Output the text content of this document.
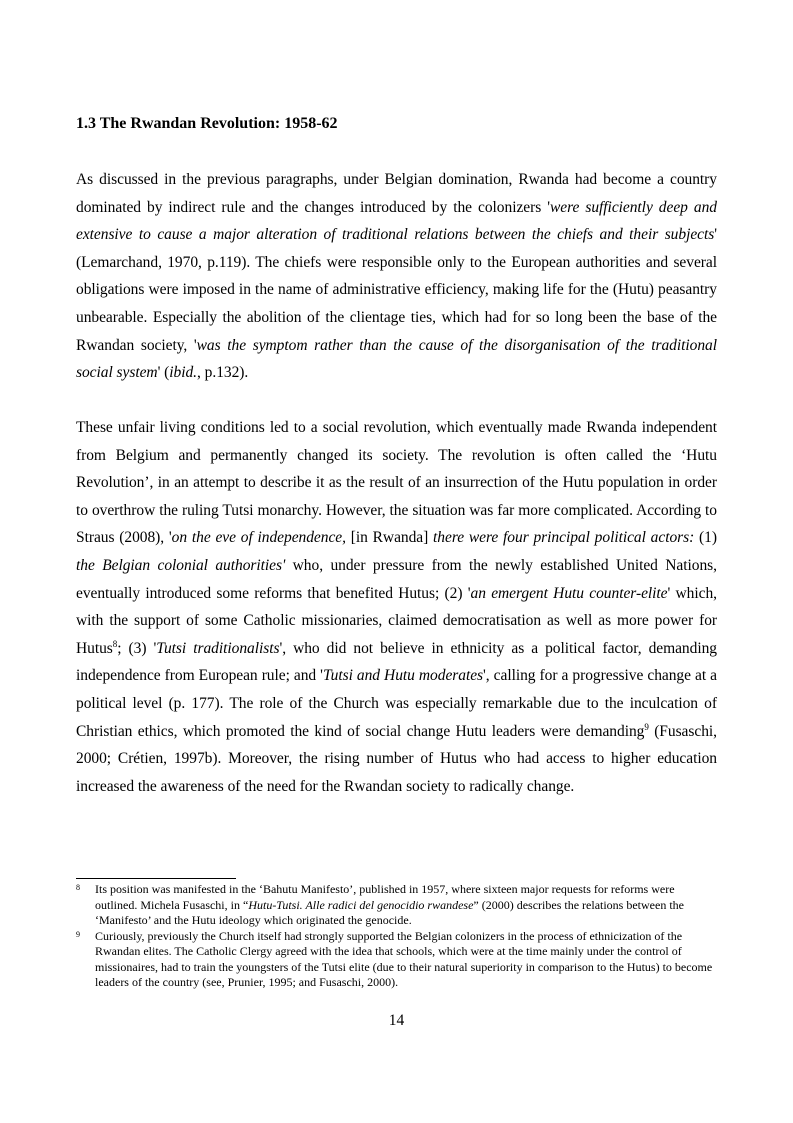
1.3 The Rwandan Revolution: 1958-62

As discussed in the previous paragraphs, under Belgian domination, Rwanda had become a country dominated by indirect rule and the changes introduced by the colonizers 'were sufficiently deep and extensive to cause a major alteration of traditional relations between the chiefs and their subjects' (Lemarchand, 1970, p.119). The chiefs were responsible only to the European authorities and several obligations were imposed in the name of administrative efficiency, making life for the (Hutu) peasantry unbearable. Especially the abolition of the clientage ties, which had for so long been the base of the Rwandan society, 'was the symptom rather than the cause of the disorganisation of the traditional social system' (ibid., p.132).

These unfair living conditions led to a social revolution, which eventually made Rwanda independent from Belgium and permanently changed its society. The revolution is often called the ‘Hutu Revolution’, in an attempt to describe it as the result of an insurrection of the Hutu population in order to overthrow the ruling Tutsi monarchy. However, the situation was far more complicated. According to Straus (2008), 'on the eve of independence, [in Rwanda] there were four principal political actors: (1) the Belgian colonial authorities' who, under pressure from the newly established United Nations, eventually introduced some reforms that benefited Hutus; (2) 'an emergent Hutu counter-elite' which, with the support of some Catholic missionaries, claimed democratisation as well as more power for Hutus$^8$; (3) 'Tutsi traditionalists', who did not believe in ethnicity as a political factor, demanding independence from European rule; and 'Tutsi and Hutu moderates', calling for a progressive change at a political level (p. 177). The role of the Church was especially remarkable due to the inculcation of Christian ethics, which promoted the kind of social change Hutu leaders were demanding$^9$ (Fusaschi, 2000; Crétien, 1997b). Moreover, the rising number of Hutus who had access to higher education increased the awareness of the need for the Rwandan society to radically change.

8	Its position was manifested in the ‘Bahutu Manifesto’, published in 1957, where sixteen major requests for reforms were outlined. Michela Fusaschi, in “Hutu-Tutsi. Alle radici del genocidio rwandese” (2000) describes the relations between the ‘Manifesto’ and the Hutu ideology which originated the genocide.
9	Curiously, previously the Church itself had strongly supported the Belgian colonizers in the process of ethnicization of the Rwandan elites. The Catholic Clergy agreed with the idea that schools, which were at the time mainly under the control of missionaires, had to train the youngsters of the Tutsi elite (due to their natural superiority in comparison to the Hutus) to become leaders of the country (see, Prunier, 1995; and Fusaschi, 2000).

14
